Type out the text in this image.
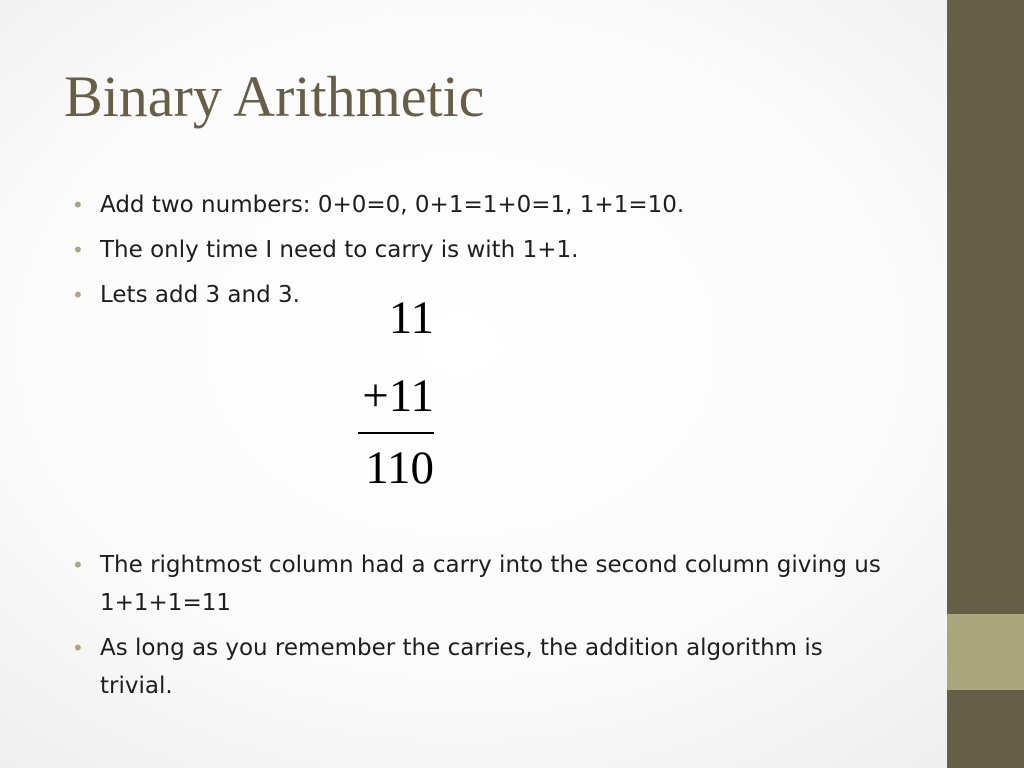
Binary Arithmetic
• Add two numbers: 0+0=0, 0+1=1+0=1, 1+1=10.
• The only time I need to carry is with 1+1.
• Lets add 3 and 3.	11
+11
110
• The rightmost column had a carry into the second column giving us 1+1+1=11
• As long as you remember the carries, the addition algorithm is trivial.
